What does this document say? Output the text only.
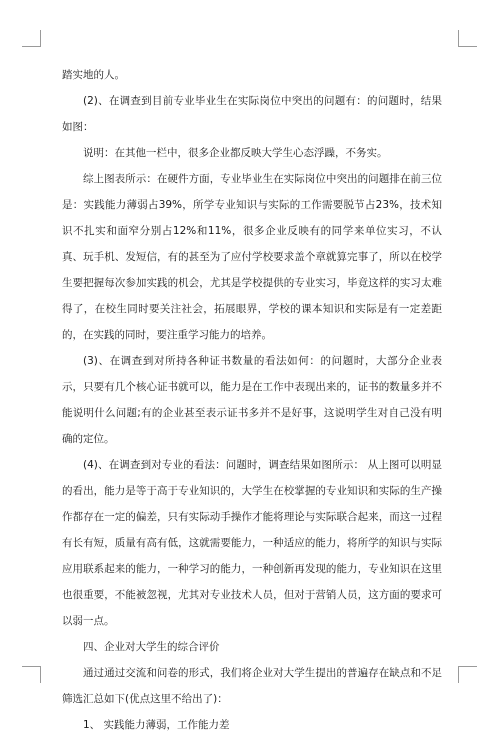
踏实地的人。

(2)、在调查到目前专业毕业生在实际岗位中突出的问题有：的问题时，结果如图：

说明：在其他一栏中，很多企业都反映大学生心态浮躁，不务实。

综上图表所示：在硬件方面，专业毕业生在实际岗位中突出的问题排在前三位是：实践能力薄弱占39%，所学专业知识与实际的工作需要脱节占23%，技术知识不扎实和面窄分别占12%和11%，很多企业反映有的同学来单位实习，不认真、玩手机、发短信，有的甚至为了应付学校要求盖个章就算完事了，所以在校学生要把握每次参加实践的机会，尤其是学校提供的专业实习，毕竟这样的实习太难得了，在校生同时要关注社会，拓展眼界，学校的课本知识和实际是有一定差距的，在实践的同时，要注重学习能力的培养。

(3)、在调查到对所持各种证书数量的看法如何：的问题时，大部分企业表示，只要有几个核心证书就可以，能力是在工作中表现出来的，证书的数量多并不能说明什么问题;有的企业甚至表示证书多并不是好事，这说明学生对自己没有明确的定位。

(4)、在调查到对专业的看法：问题时，调查结果如图所示： 从上图可以明显的看出，能力是等于高于专业知识的，大学生在校掌握的专业知识和实际的生产操作都存在一定的偏差，只有实际动手操作才能将理论与实际联合起来，而这一过程有长有短，质量有高有低，这就需要能力，一种适应的能力，将所学的知识与实际应用联系起来的能力，一种学习的能力，一种创新再发现的能力，专业知识在这里也很重要，不能被忽视，尤其对专业技术人员，但对于营销人员，这方面的要求可以弱一点。

四、企业对大学生的综合评价

通过通过交流和问卷的形式，我们将企业对大学生提出的普遍存在缺点和不足筛选汇总如下(优点这里不给出了)：

1、 实践能力薄弱，工作能力差
